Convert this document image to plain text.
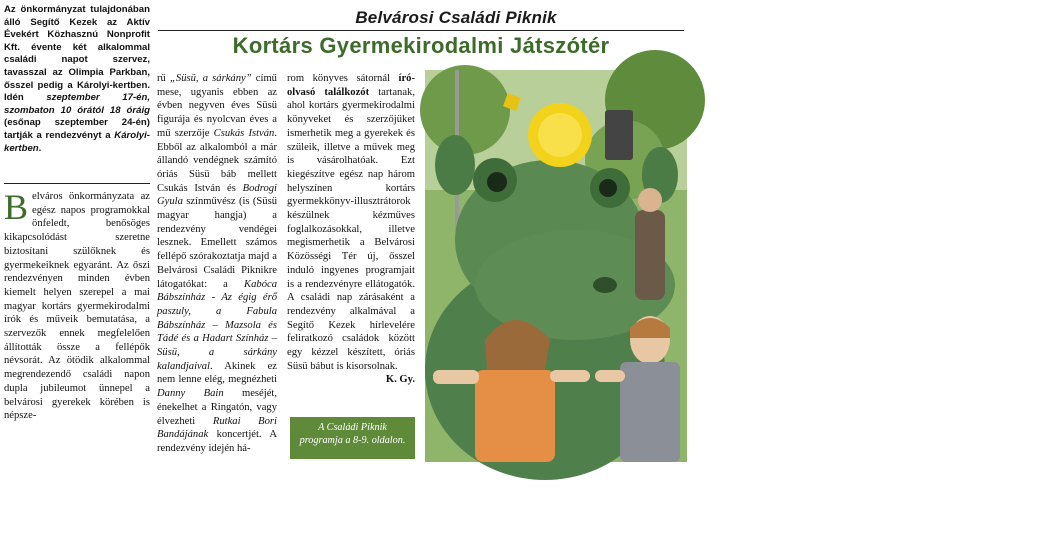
Belvárosi Családi Piknik
Kortárs Gyermekirodalmi Játszótér
Az önkormányzat tulajdonában álló Segítő Kezek az Aktív Évekért Közhasznú Nonprofit Kft. évente két alkalommal családi napot szervez, tavasszal az Olimpia Parkban, ősszel pedig a Károlyi-kertben. Idén szeptember 17-én, szombaton 10 órától 18 óráig (esőnap szeptember 24-én) tartják a rendezvényt a Károlyi-kertben.

Belváros önkormányzata az egész napos programokkal önfeledt, benősöges kikapcsolódást szeretne biztosítani szülőknek és gyermekeiknek egyaránt. Az őszi rendezvényen minden évben kiemelt helyen szerepel a mai magyar kortárs gyermekirodalmi írók és műveik bemutatása, a szervezők ennek megfelelően állították össze a fellépők névsorát. Az ötödik alkalommal megrendezendő családi napon dupla jubileumot ünnepel a belvárosi gyerekek körében is népsze-

rű „Süsü, a sárkány” című mese, ugyanis ebben az évben negyven éves Süsü figurája és nyolcvan éves a mű szerzője Csukás István. Ebből az alkalomból a már állandó vendégnek számító óriás Süsü báb mellett Csukás István és Bodrogi Gyula színművész (is (Süsü magyar hangja) a rendezvény vendégei lesznek. Emellett számos fellépő szórakoztatja majd a Belvárosi Családi Piknikre látogatókat: a Kabóca Bábszínház - Az égig érő paszuly, a Fabula Bábszínház – Mazsola és Tádé és a Hadart Színház – Süsü, a sárkány kalandjaival. Akinek ez nem lenne elég, megnézheti Danny Bain meséjét, énekelhet a Ringatón, vagy élvezheti Rutkai Bori Bandájának koncertjét. A rendezvény idején há-

rom könyves sátornál író-olvasó találkozót tartanak, ahol kortárs gyermekirodalmi könyveket és szerzőjüket ismerhetik meg a gyerekek és szüleik, illetve a művek meg is vásárolhatóak. Ezt kiegészítve egész nap három helyszínen kortárs gyermekkönyv-illusztrátorok készülnek kézműves foglalkozásokkal, illetve megismerhetik a Belvárosi Közösségi Tér új, ősszel induló ingyenes programjait is a rendezvényre ellátogatók. A családi nap zárásaként a rendezvény alkalmával a Segítő Kezek hírlevelére feliratkozó családok között egy kézzel készített, óriás Süsü bábut is kisorsolnak.

K. Gy.

A Családi Piknik programja a 8-9. oldalon.
Fotó: Santa Balázs
